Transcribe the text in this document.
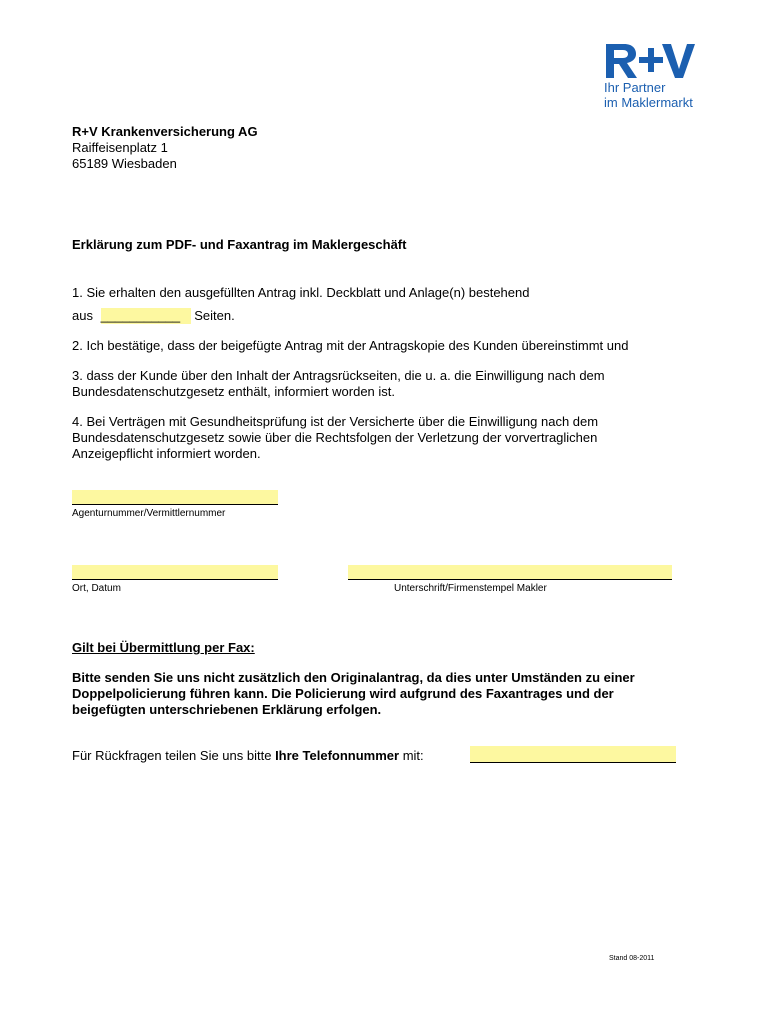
Ihr Partner
im Maklermarkt
R+V Krankenversicherung AG
Raiffeisenplatz 1
65189 Wiesbaden
Erklärung zum PDF- und Faxantrag im Maklergeschäft
1. Sie erhalten den ausgefüllten Antrag inkl. Deckblatt und Anlage(n) bestehend
aus ___________ Seiten.
2. Ich bestätige, dass der beigefügte Antrag mit der Antragskopie des Kunden übereinstimmt und
3. dass der Kunde über den Inhalt der Antragsrückseiten, die u. a. die Einwilligung nach dem
Bundesdatenschutzgesetz enthält, informiert worden ist.
4. Bei Verträgen mit Gesundheitsprüfung ist der Versicherte über die Einwilligung nach dem
Bundesdatenschutzgesetz sowie über die Rechtsfolgen der Verletzung der vorvertraglichen
Anzeigepflicht informiert worden.
Agenturnummer/Vermittlernummer
Ort, Datum	Unterschrift/Firmenstempel Makler
Gilt bei Übermittlung per Fax:
Bitte senden Sie uns nicht zusätzlich den Originalantrag, da dies unter Umständen zu einer
Doppelpolicierung führen kann. Die Policierung wird aufgrund des Faxantrages und der
beigefügten unterschriebenen Erklärung erfolgen.
Für Rückfragen teilen Sie uns bitte Ihre Telefonnummer mit:
Stand 08-2011
